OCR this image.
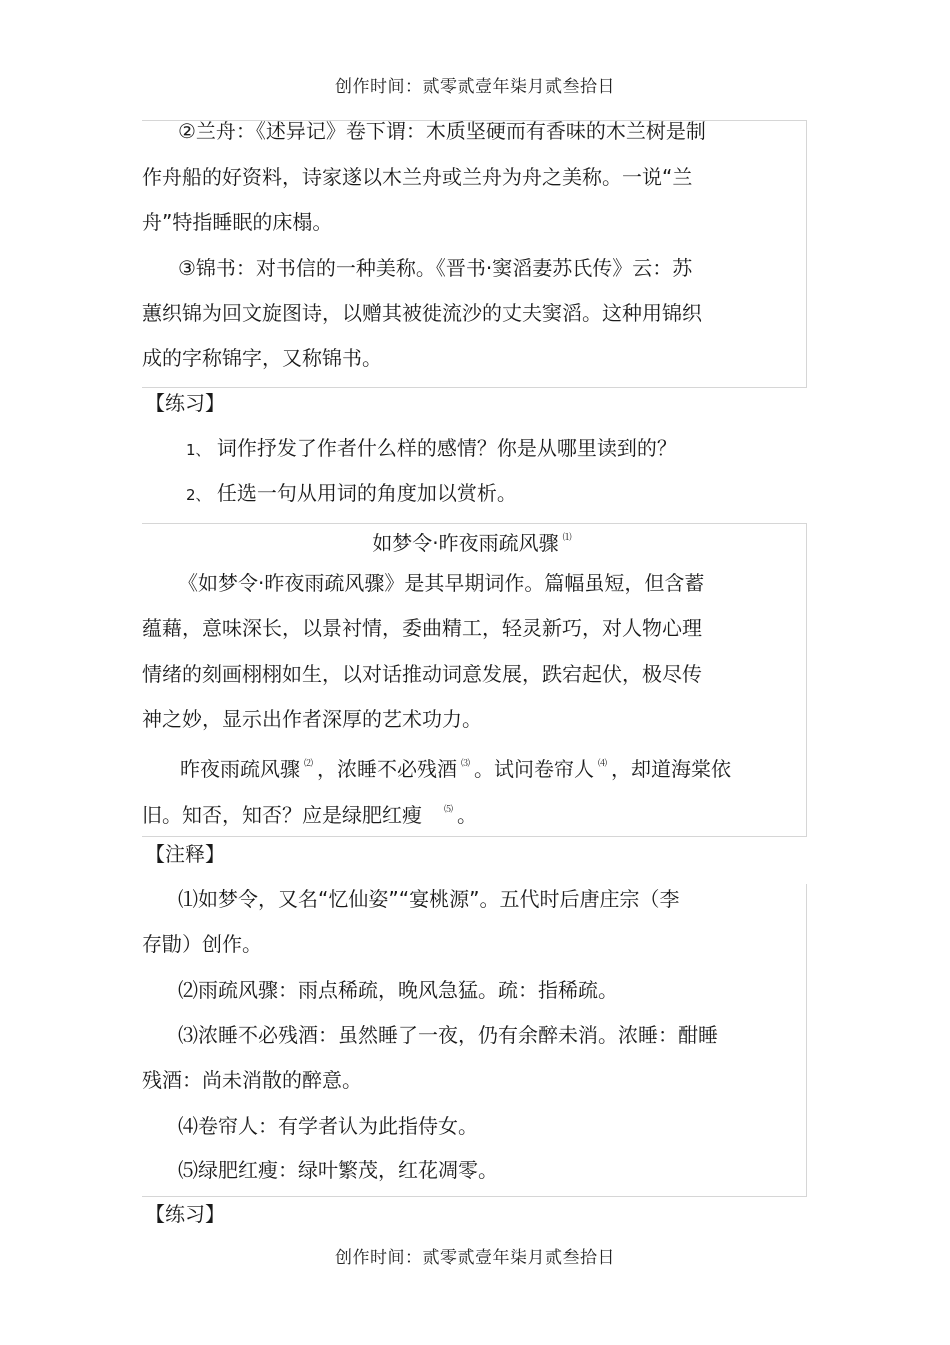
创作时间：贰零贰壹年柒月贰叁拾日
②兰舟：《述异记》卷下谓：木质坚硬而有香味的木兰树是制
作舟船的好资料，诗家遂以木兰舟或兰舟为舟之美称。一说“兰
舟”特指睡眠的床榻。
③锦书：对书信的一种美称。《晋书·窦滔妻苏氏传》云：苏
蕙织锦为回文旋图诗，以赠其被徙流沙的丈夫窦滔。这种用锦织
成的字称锦字，又称锦书。
【练习】
1、 词作抒发了作者什么样的感情？你是从哪里读到的？
2、 任选一句从用词的角度加以赏析。
如梦令·昨夜雨疏风骤 ⑴
《如梦令·昨夜雨疏风骤》是其早期词作。篇幅虽短，但含蓄
蕴藉，意味深长，以景衬情，委曲精工，轻灵新巧，对人物心理
情绪的刻画栩栩如生，以对话推动词意发展，跌宕起伏，极尽传
神之妙，显示出作者深厚的艺术功力。
昨夜雨疏风骤 ⑵ ，浓睡不必残酒 ⑶ 。试问卷帘人 ⑷ ，却道海棠依
旧。知否，知否？应是绿肥红瘦 ⑸ 。
【注释】
⑴如梦令，又名“忆仙姿”“宴桃源”。五代时后唐庄宗（李
存勖）创作。
⑵雨疏风骤：雨点稀疏，晚风急猛。疏：指稀疏。
⑶浓睡不必残酒：虽然睡了一夜，仍有余醉未消。浓睡：酣睡
残酒：尚未消散的醉意。
⑷卷帘人：有学者认为此指侍女。
⑸绿肥红瘦：绿叶繁茂，红花凋零。
【练习】
创作时间：贰零贰壹年柒月贰叁拾日
